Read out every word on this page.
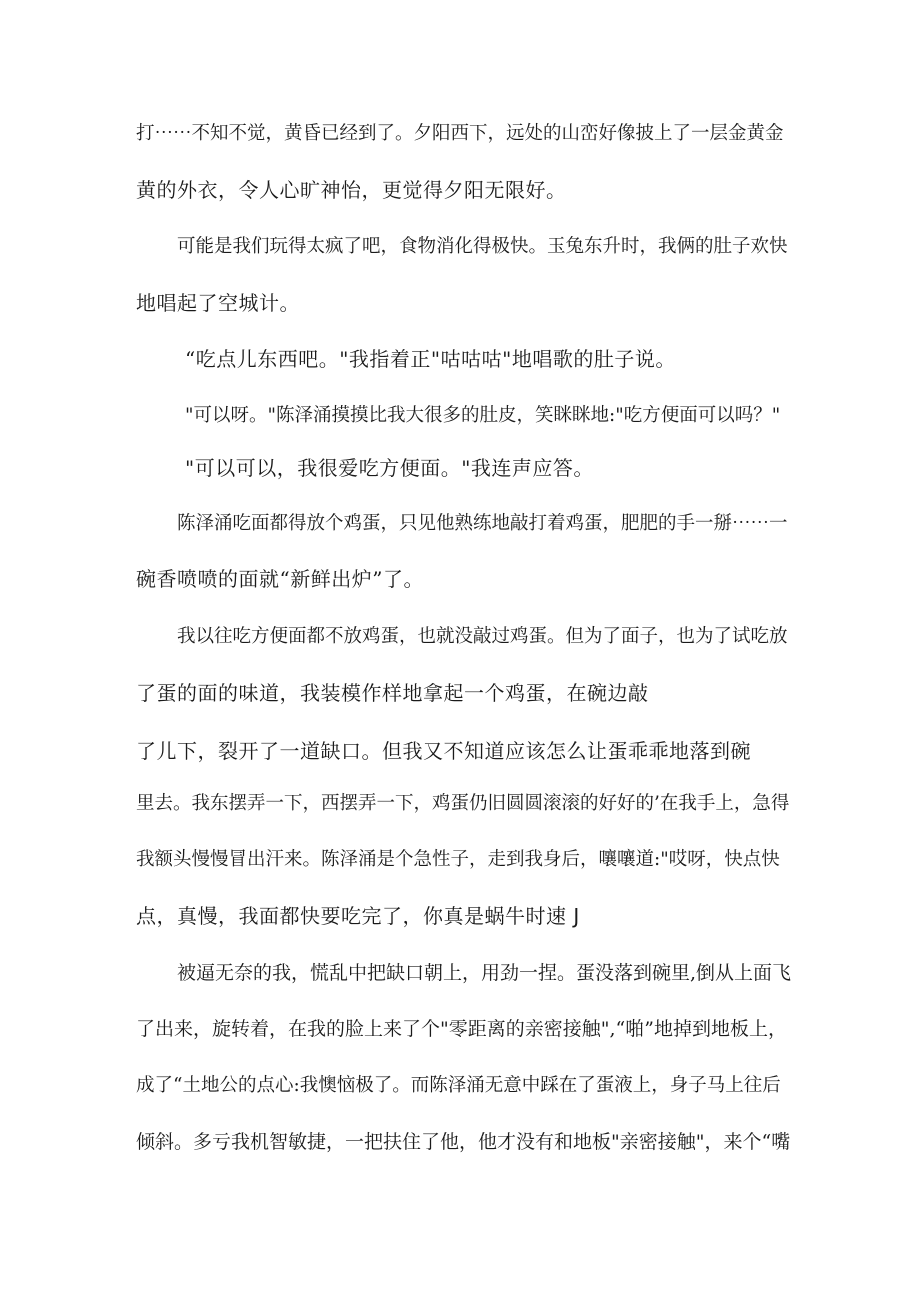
打⋯⋯不知不觉，黄昏已经到了。夕阳西下，远处的山峦好像披上了一层金黄金
黄的外衣，令人心旷神怡，更觉得夕阳无限好。
可能是我们玩得太疯了吧，食物消化得极快。玉兔东升时，我俩的肚子欢快
地唱起了空城计。
“吃点儿东西吧。"我指着正"咕咕咕"地唱歌的肚子说。
"可以呀。"陈泽涌摸摸比我大很多的肚皮，笑眯眯地:"吃方便面可以吗？"
"可以可以，我很爱吃方便面。"我连声应答。
陈泽涌吃面都得放个鸡蛋，只见他熟练地敲打着鸡蛋，肥肥的手一掰⋯⋯一
碗香喷喷的面就“新鲜出炉”了。
我以往吃方便面都不放鸡蛋，也就没敲过鸡蛋。但为了面子，也为了试吃放
了蛋的面的味道，我装模作样地拿起一个鸡蛋，在碗边敲
了儿下，裂开了一道缺口。但我又不知道应该怎么让蛋乖乖地落到碗
里去。我东摆弄一下，西摆弄一下，鸡蛋仍旧圆圆滚滚的好好的’在我手上，急得
我额头慢慢冒出汗来。陈泽涌是个急性子，走到我身后，嚷嚷道:"哎呀，快点快
点，真慢，我面都快要吃完了，你真是蜗牛时速 J
被逼无奈的我，慌乱中把缺口朝上，用劲一捏。蛋没落到碗里,倒从上面飞
了出来，旋转着，在我的脸上来了个"零距离的亲密接触",“啪”地掉到地板上，
成了“土地公的点心:我懊恼极了。而陈泽涌无意中踩在了蛋液上，身子马上往后
倾斜。多亏我机智敏捷，一把扶住了他，他才没有和地板"亲密接触"，来个“嘴
